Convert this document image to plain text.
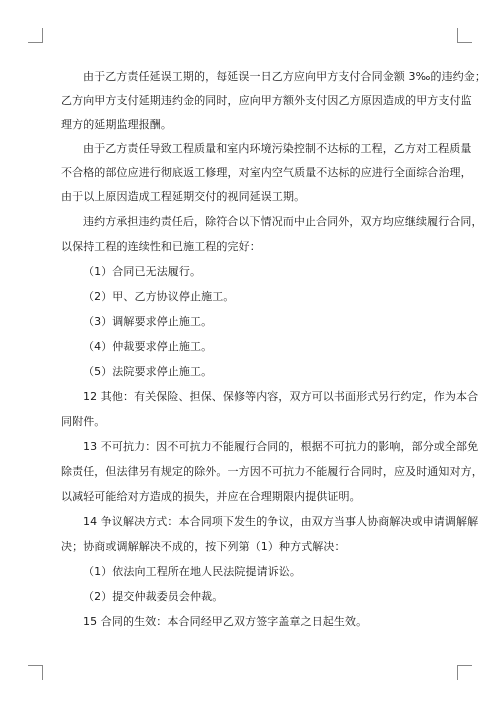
由于乙方责任延误工期的，每延误一日乙方应向甲方支付合同金额 3‰的违约金；
乙方向甲方支付延期违约金的同时，应向甲方额外支付因乙方原因造成的甲方支付监
理方的延期监理报酬。
由于乙方责任导致工程质量和室内环境污染控制不达标的工程，乙方对工程质量
不合格的部位应进行彻底返工修理，对室内空气质量不达标的应进行全面综合治理，
由于以上原因造成工程延期交付的视同延误工期。
违约方承担违约责任后，除符合以下情况而中止合同外，双方均应继续履行合同，
以保持工程的连续性和已施工程的完好：
（1）合同已无法履行。
（2）甲、乙方协议停止施工。
（3）调解要求停止施工。
（4）仲裁要求停止施工。
（5）法院要求停止施工。
12 其他：有关保险、担保、保修等内容，双方可以书面形式另行约定，作为本合
同附件。
13 不可抗力：因不可抗力不能履行合同的，根据不可抗力的影响，部分或全部免
除责任，但法律另有规定的除外。一方因不可抗力不能履行合同时，应及时通知对方，
以减轻可能给对方造成的损失，并应在合理期限内提供证明。
14 争议解决方式：本合同项下发生的争议，由双方当事人协商解决或申请调解解
决；协商或调解解决不成的，按下列第（1）种方式解决：
（1）依法向工程所在地人民法院提请诉讼。
（2）提交仲裁委员会仲裁。
15 合同的生效：本合同经甲乙双方签字盖章之日起生效。
